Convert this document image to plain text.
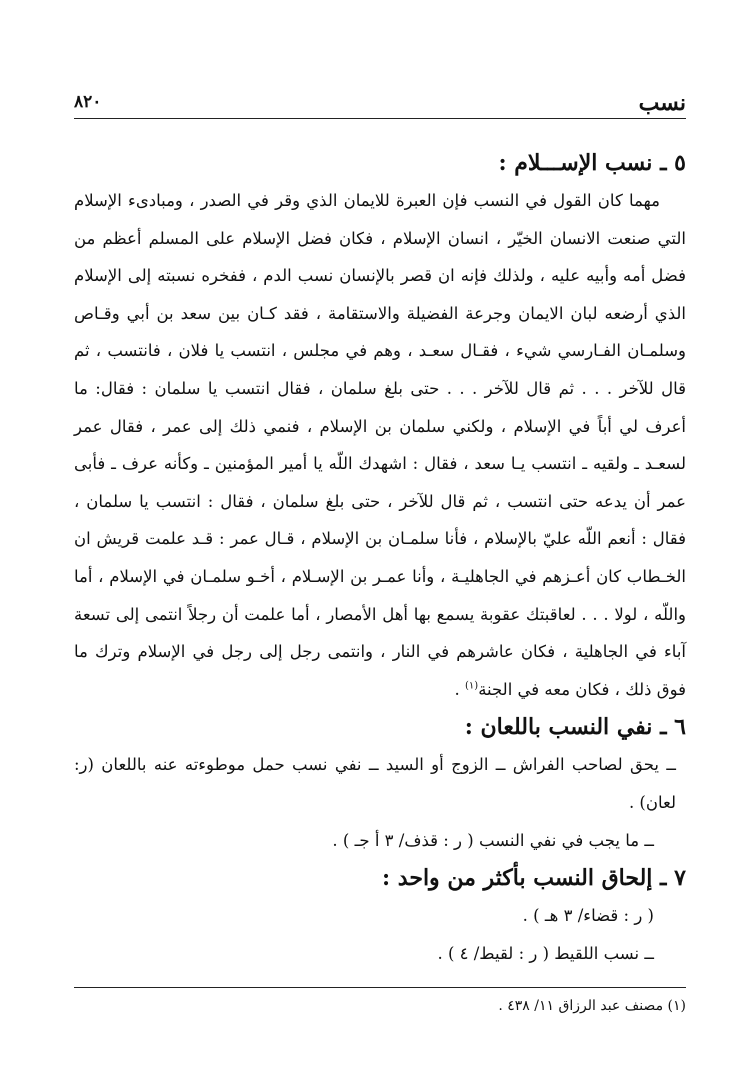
نسب
٨٢٠
٥ ـ نسب الإســـلام :

مهما كان القول في النسب فإن العبرة للايمان الذي وقر في الصدر ، ومبادىء الإسلام التي صنعت الانسان الخيّر ، انسان الإسلام ، فكان فضل الإسلام على المسلم أعظم من فضل أمه وأبيه عليه ، ولذلك فإنه ان قصر بالإنسان نسب الدم ، ففخره نسبته إلى الإسلام الذي أرضعه لبان الايمان وجرعة الفضيلة والاستقامة ، فقد كـان بين سعد بن أبي وقـاص وسلمـان الفـارسي شيء ، فقـال سعـد ، وهم في مجلس ، انتسب يا فلان ، فانتسب ، ثم قال للآخر . . . ثم قال للآخر . . . حتى بلغ سلمان ، فقال انتسب يا سلمان : فقال: ما أعرف لي أباً في الإسلام ، ولكني سلمان بن الإسلام ، فنمي ذلك إلى عمر ، فقال عمر لسعـد ـ ولقيه ـ انتسب يـا سعد ، فقال : اشهدك اللّه يا أمير المؤمنين ـ وكأنه عرف ـ فأبى عمر أن يدعه حتى انتسب ، ثم قال للآخر ، حتى بلغ سلمان ، فقال : انتسب يا سلمان ، فقال : أنعم اللّه عليّ بالإسلام ، فأنا سلمـان بن الإسلام ، قـال عمر : قـد علمت قريش ان الخـطاب كان أعـزهم في الجاهليـة ، وأنا عمـر بن الإسـلام ، أخـو سلمـان في الإسلام ، أما واللّه ، لولا . . . لعاقبتك عقوبة يسمع بها أهل الأمصار ، أما علمت أن رجلاً انتمى إلى تسعة آباء في الجاهلية ، فكان عاشرهم في النار ، وانتمى رجل إلى رجل في الإسلام وترك ما فوق ذلك ، فكان معه في الجنة$^{(١)}$ .

٦ ـ نفي النسب باللعان :

ــ يحق لصاحب الفراش ــ الزوج أو السيد ــ نفي نسب حمل موطوءته عنه باللعان (ر: لعان) .

ــ ما يجب في نفي النسب ( ر : قذف/ ٣ أ جـ ) .

٧ ـ إلحاق النسب بأكثر من واحد :

( ر : قضاء/ ٣ هـ ) .

ــ نسب اللقيط ( ر : لقيط/ ٤ ) .

(١) مصنف عبد الرزاق ١١/ ٤٣٨ .
